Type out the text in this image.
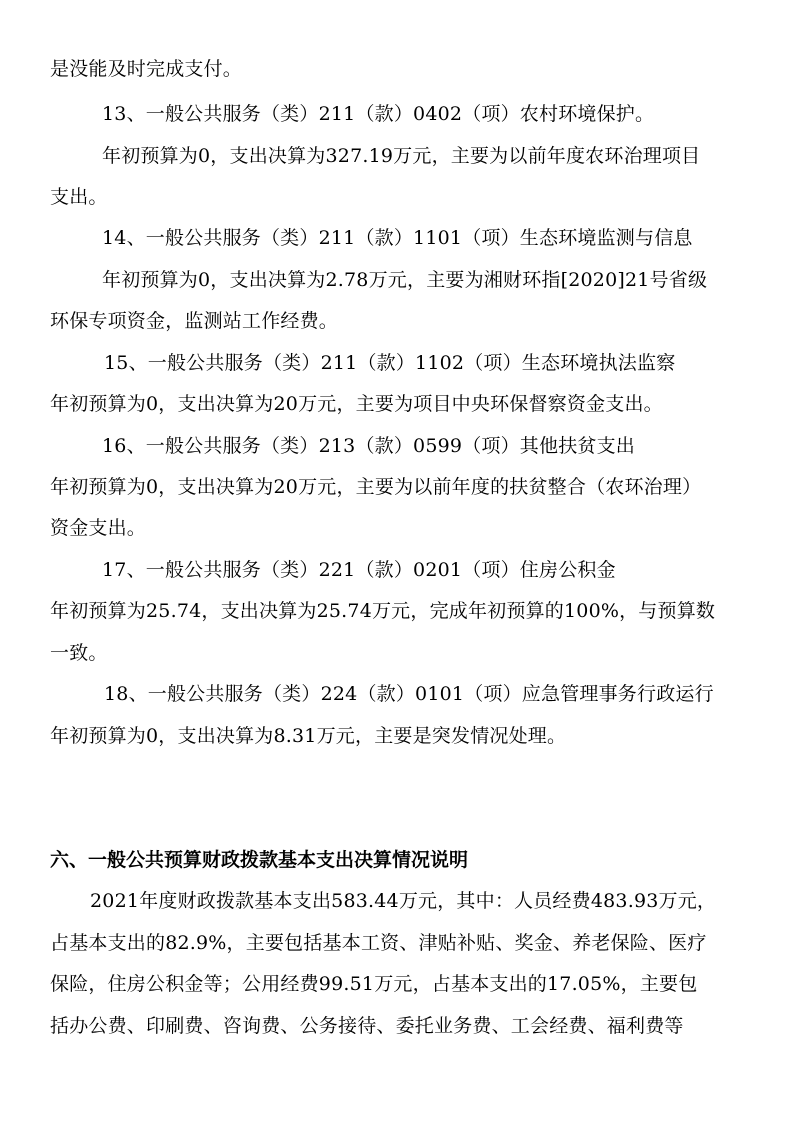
是没能及时完成支付。
13、一般公共服务（类）211（款）0402（项）农村环境保护。
年初预算为0，支出决算为327.19万元，主要为以前年度农环治理项目
支出。
14、一般公共服务（类）211（款）1101（项）生态环境监测与信息
年初预算为0，支出决算为2.78万元，主要为湘财环指[2020]21号省级
环保专项资金，监测站工作经费。
15、一般公共服务（类）211（款）1102（项）生态环境执法监察
年初预算为0，支出决算为20万元，主要为项目中央环保督察资金支出。
16、一般公共服务（类）213（款）0599（项）其他扶贫支出
年初预算为0，支出决算为20万元，主要为以前年度的扶贫整合（农环治理）
资金支出。
17、一般公共服务（类）221（款）0201（项）住房公积金
年初预算为25.74，支出决算为25.74万元，完成年初预算的100%，与预算数
一致。
18、一般公共服务（类）224（款）0101（项）应急管理事务行政运行
年初预算为0，支出决算为8.31万元，主要是突发情况处理。
六、一般公共预算财政拨款基本支出决算情况说明
2021年度财政拨款基本支出583.44万元，其中：人员经费483.93万元，
占基本支出的82.9%，主要包括基本工资、津贴补贴、奖金、养老保险、医疗
保险，住房公积金等；公用经费99.51万元，占基本支出的17.05%，主要包
括办公费、印刷费、咨询费、公务接待、委托业务费、工会经费、福利费等
